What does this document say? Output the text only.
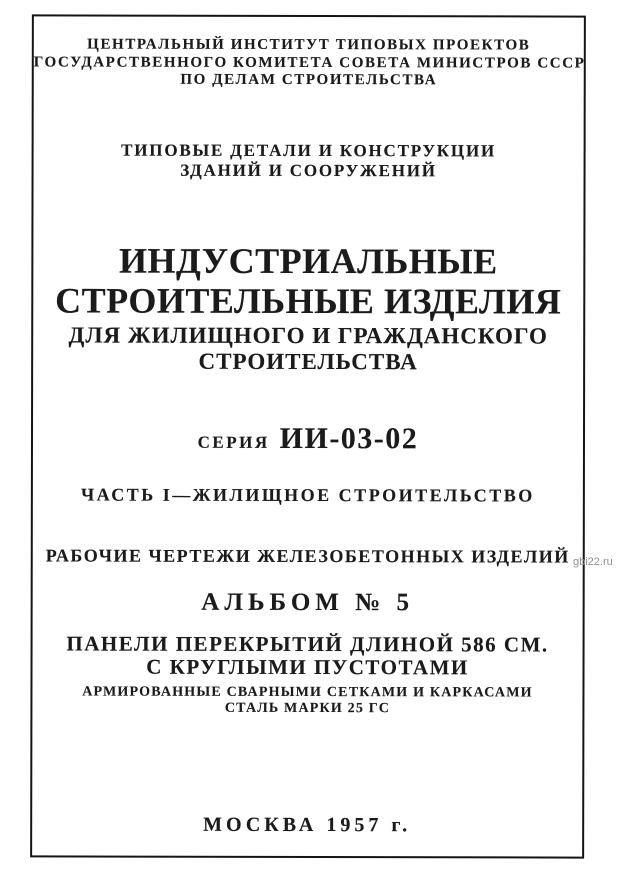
ЦЕНТРАЛЬНЫЙ ИНСТИТУТ ТИПОВЫХ ПРОЕКТОВ
ГОСУДАРСТВЕННОГО КОМИТЕТА СОВЕТА МИНИСТРОВ СССР
ПО ДЕЛАМ СТРОИТЕЛЬСТВА
ТИПОВЫЕ ДЕТАЛИ И КОНСТРУКЦИИ
ЗДАНИЙ И СООРУЖЕНИЙ
ИНДУСТРИАЛЬНЫЕ
СТРОИТЕЛЬНЫЕ ИЗДЕЛИЯ
ДЛЯ ЖИЛИЩНОГО И ГРАЖДАНСКОГО
СТРОИТЕЛЬСТВА
СЕРИЯ ИИ-03-02
ЧАСТЬ I—ЖИЛИЩНОЕ СТРОИТЕЛЬСТВО
РАБОЧИЕ ЧЕРТЕЖИ ЖЕЛЕЗОБЕТОННЫХ ИЗДЕЛИЙ
АЛЬБОМ № 5
ПАНЕЛИ ПЕРЕКРЫТИЙ ДЛИНОЙ 586 СМ.
С КРУГЛЫМИ ПУСТОТАМИ
АРМИРОВАННЫЕ СВАРНЫМИ СЕТКАМИ И КАРКАСАМИ
СТАЛЬ МАРКИ 25 ГС
МОСКВА 1957 г.
gbi22.ru
